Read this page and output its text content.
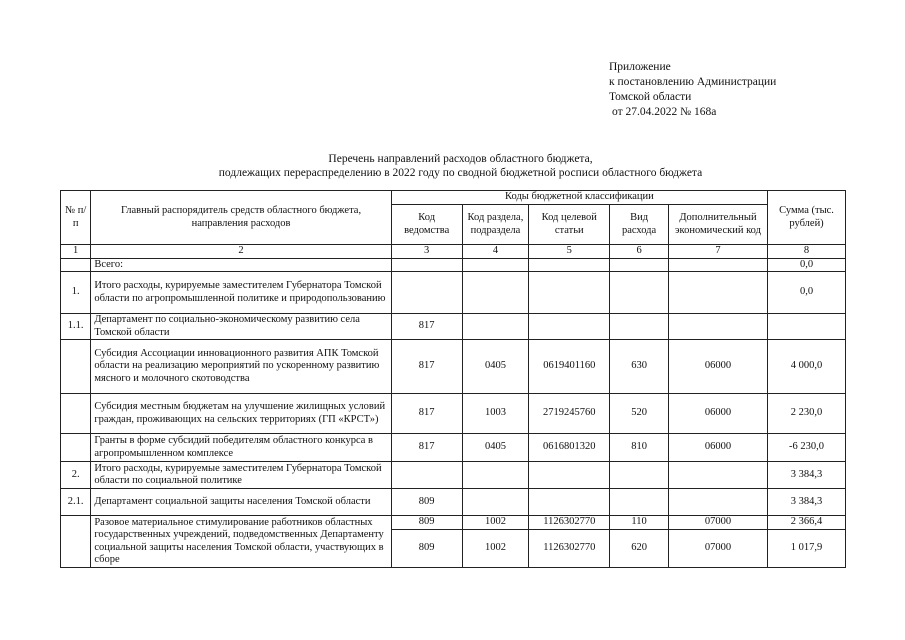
Приложение
к постановлению Администрации
Томской области
от 27.04.2022 № 168а
Перечень направлений расходов областного бюджета,
подлежащих перераспределению в 2022 году по сводной бюджетной росписи областного бюджета
№ п/п	Главный распорядитель средств областного бюджета, направления расходов	Коды бюджетной классификации					Сумма (тыс. рублей)
		Код ведомства	Код раздела, подраздела	Код целевой статьи	Вид расхода	Дополнительный экономический код	
1	2	3	4	5	6	7	8
	Всего:						0,0
1.	Итого расходы, курируемые заместителем Губернатора Томской области по агропромышленной политике и природопользованию						0,0
1.1.	Департамент по социально-экономическому развитию села Томской области	817					
	Субсидия Ассоциации инновационного развития АПК Томской области на реализацию мероприятий по ускоренному развитию мясного и молочного скотоводства	817	0405	0619401160	630	06000	4 000,0
	Субсидия местным бюджетам на улучшение жилищных условий граждан, проживающих на сельских территориях (ГП «КРСТ»)	817	1003	2719245760	520	06000	2 230,0
	Гранты в форме субсидий победителям областного конкурса в агропромышленном комплексе	817	0405	0616801320	810	06000	-6 230,0
2.	Итого расходы, курируемые заместителем Губернатора Томской области по социальной политике						3 384,3
2.1.	Департамент социальной защиты населения Томской области	809					3 384,3
	Разовое материальное стимулирование работников областных государственных учреждений, подведомственных Департаменту социальной защиты населения Томской области, участвующих в сборе	809	1002	1126302770	110	07000	2 366,4
		809	1002	1126302770	620	07000	1 017,9
